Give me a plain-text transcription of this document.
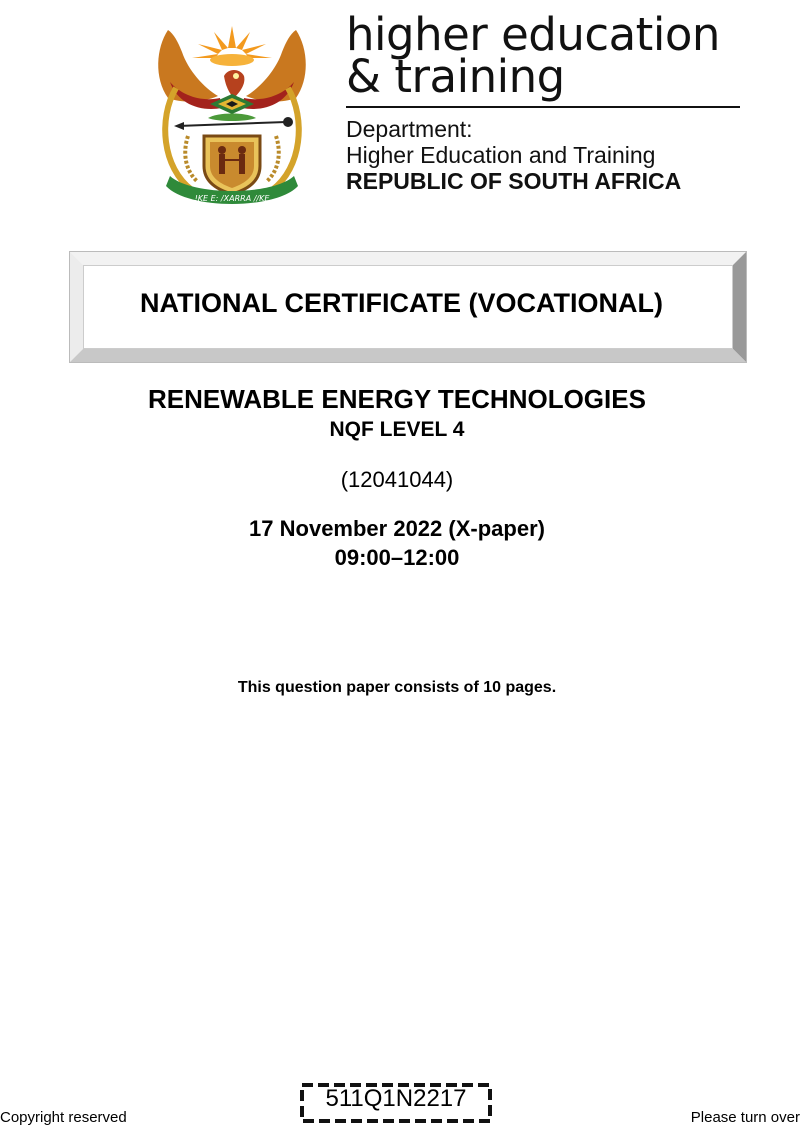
!KE E: /XARRA //KE
higher education
& training
Department:
Higher Education and Training
REPUBLIC OF SOUTH AFRICA
NATIONAL CERTIFICATE (VOCATIONAL)
RENEWABLE ENERGY TECHNOLOGIES
NQF LEVEL 4
(12041044)
17 November 2022 (X-paper)
09:00–12:00
This question paper consists of 10 pages.
Copyright reserved
511Q1N2217
Please turn over
